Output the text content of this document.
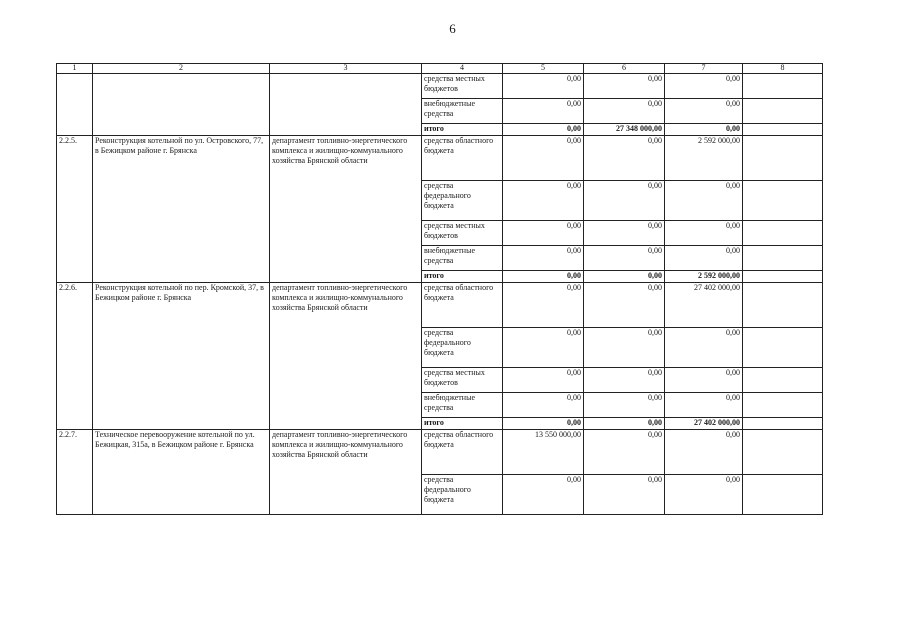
6
1	2	3	4	5	6	7	8
			средства местных бюджетов	0,00	0,00	0,00	
			внебюджетные средства	0,00	0,00	0,00	
			итого	0,00	27 348 000,00	0,00	
2.2.5.	Реконструкция котельной по ул. Островского, 77, в Бежицком районе г. Брянска	департамент топливно-энергетического комплекса и жилищно-коммунального хозяйства Брянской области	средства областного бюджета	0,00	0,00	2 592 000,00	
			средства федерального бюджета	0,00	0,00	0,00	
			средства местных бюджетов	0,00	0,00	0,00	
			внебюджетные средства	0,00	0,00	0,00	
			итого	0,00	0,00	2 592 000,00	
2.2.6.	Реконструкция котельной по пер. Кромской, 37, в Бежицком районе г. Брянска	департамент топливно-энергетического комплекса и жилищно-коммунального хозяйства Брянской области	средства областного бюджета	0,00	0,00	27 402 000,00	
			средства федерального бюджета	0,00	0,00	0,00	
			средства местных бюджетов	0,00	0,00	0,00	
			внебюджетные средства	0,00	0,00	0,00	
			итого	0,00	0,00	27 402 000,00	
2.2.7.	Техническое перевооружение котельной по ул. Бежицкая, 315а, в Бежицком районе г. Брянска	департамент топливно-энергетического комплекса и жилищно-коммунального хозяйства Брянской области	средства областного бюджета	13 550 000,00	0,00	0,00	
			средства федерального бюджета	0,00	0,00	0,00	
